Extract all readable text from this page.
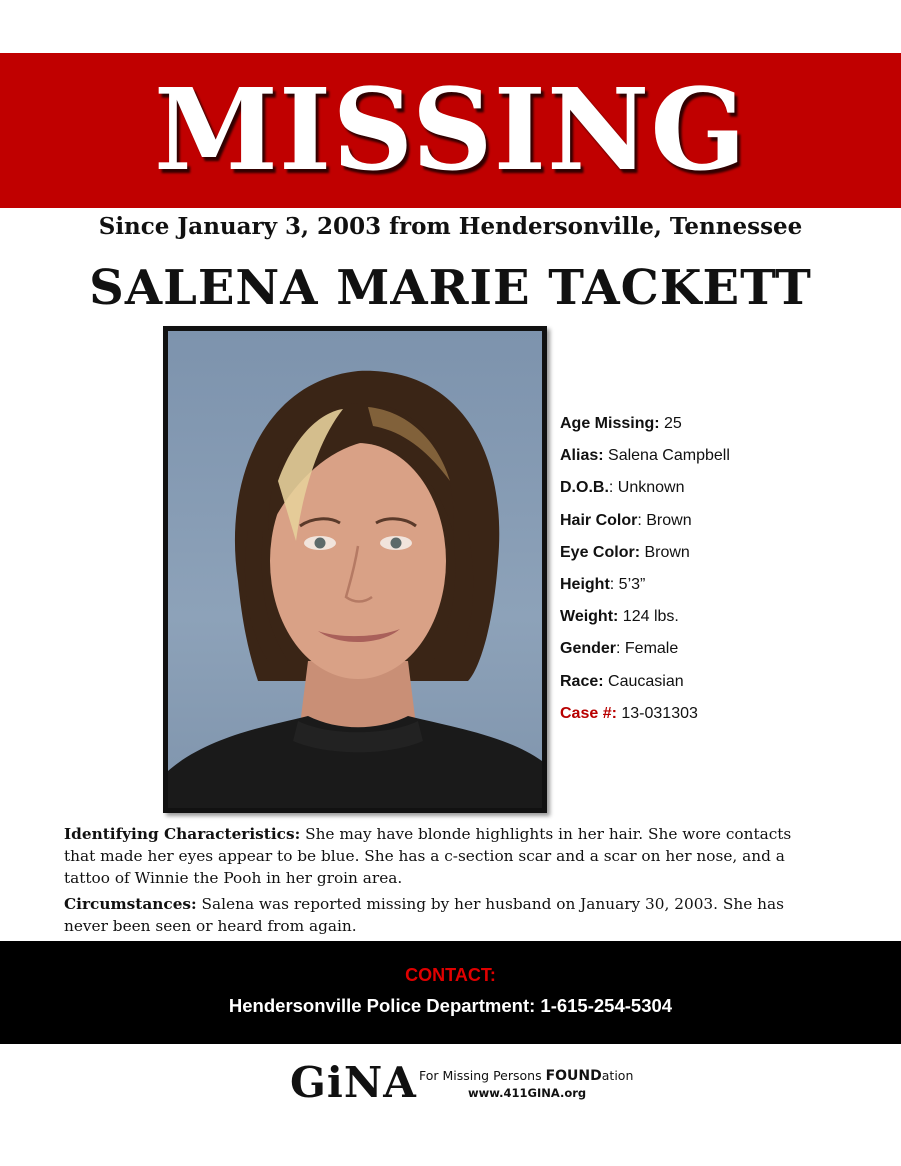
MISSING
Since January 3, 2003 from Hendersonville, Tennessee
SALENA MARIE TACKETT
Age Missing: 25
Alias: Salena Campbell
D.O.B.: Unknown
Hair Color: Brown
Eye Color: Brown
Height: 5’3”
Weight: 124 lbs.
Gender: Female
Race: Caucasian
Case #: 13-031303
Identifying Characteristics: She may have blonde highlights in her hair. She wore contacts that made her eyes appear to be blue. She has a c-section scar and a scar on her nose, and a tattoo of Winnie the Pooh in her groin area.
Circumstances: Salena was reported missing by her husband on January 30, 2003. She has never been seen or heard from again.
CONTACT:
Hendersonville Police Department: 1-615-254-5304
GiNA For Missing Persons FOUNDation
www.411GINA.org
